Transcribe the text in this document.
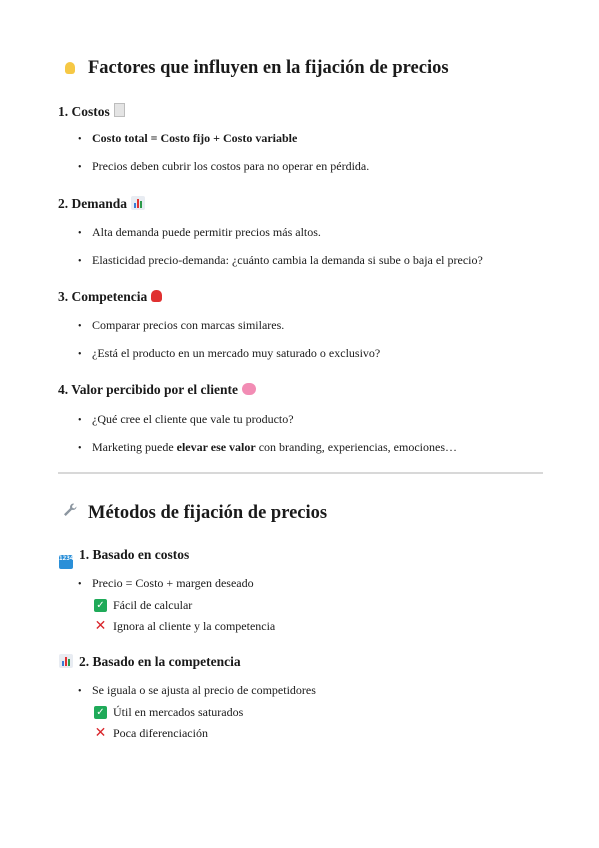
Factores que influyen en la fijación de precios
1. Costos
• Costo total = Costo fijo + Costo variable
• Precios deben cubrir los costos para no operar en pérdida.
2. Demanda
• Alta demanda puede permitir precios más altos.
• Elasticidad precio-demanda: ¿cuánto cambia la demanda si sube o baja el precio?
3. Competencia
• Comparar precios con marcas similares.
• ¿Está el producto en un mercado muy saturado o exclusivo?
4. Valor percibido por el cliente
• ¿Qué cree el cliente que vale tu producto?
• Marketing puede elevar ese valor con branding, experiencias, emociones…
Métodos de fijación de precios
1234 1. Basado en costos
• Precio = Costo + margen deseado
✓ Fácil de calcular
✕ Ignora al cliente y la competencia
2. Basado en la competencia
• Se iguala o se ajusta al precio de competidores
✓ Útil en mercados saturados
✕ Poca diferenciación
